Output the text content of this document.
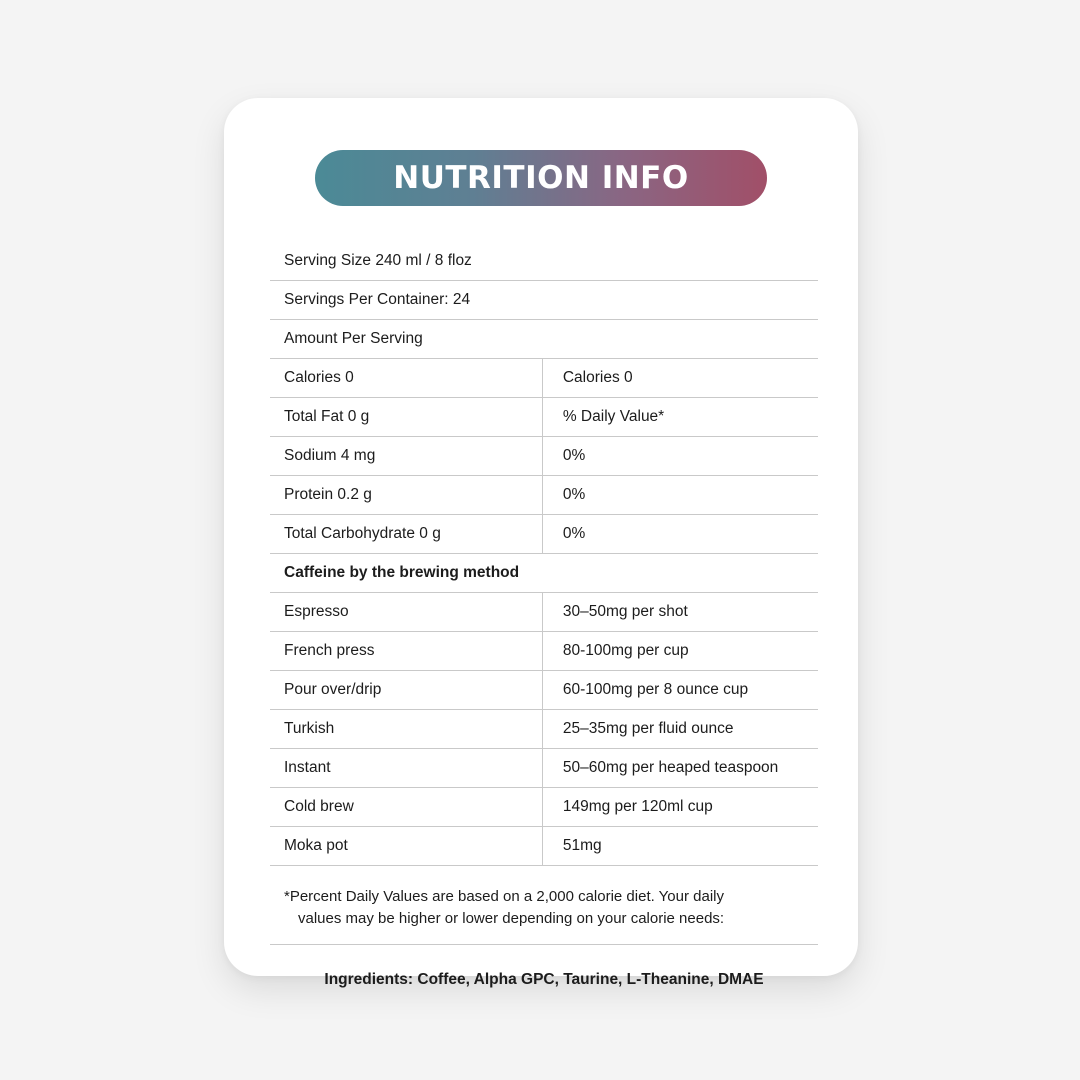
NUTRITION INFO
Serving Size 240 ml / 8 floz	
Servings Per Container: 24	
Amount Per Serving	
Calories 0	Calories 0
Total Fat 0 g	% Daily Value*
Sodium 4 mg	0%
Protein 0.2 g	0%
Total Carbohydrate 0 g	0%
Caffeine by the brewing method	
Espresso	30–50mg per shot
French press	80-100mg per cup
Pour over/drip	60-100mg per 8 ounce cup
Turkish	25–35mg per fluid ounce
Instant	50–60mg per heaped teaspoon
Cold brew	149mg per 120ml cup
Moka pot	51mg
*Percent Daily Values are based on a 2,000 calorie diet. Your daily
values may be higher or lower depending on your calorie needs:
Ingredients: Coffee, Alpha GPC, Taurine, L-Theanine, DMAE
